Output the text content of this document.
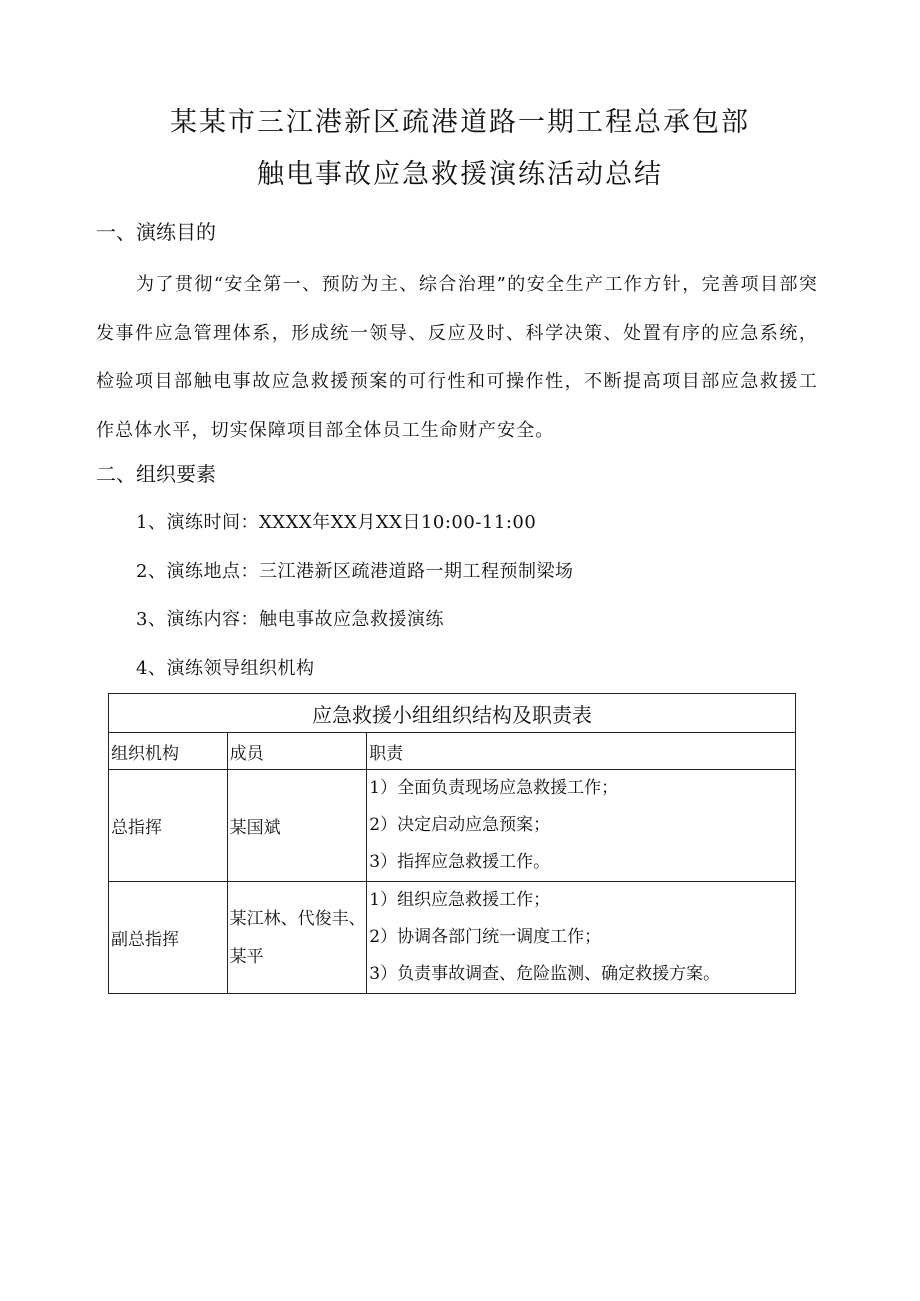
某某市三江港新区疏港道路一期工程总承包部
触电事故应急救援演练活动总结
一、演练目的

为了贯彻“安全第一、预防为主、综合治理”的安全生产工作方针，完善项目部突发事件应急管理体系，形成统一领导、反应及时、科学决策、处置有序的应急系统，检验项目部触电事故应急救援预案的可行性和可操作性，不断提高项目部应急救援工作总体水平，切实保障项目部全体员工生命财产安全。

二、组织要素
1、演练时间：XXXX年XX月XX日10:00-11:00
2、演练地点：三江港新区疏港道路一期工程预制梁场
3、演练内容：触电事故应急救援演练
4、演练领导组织机构
应急救援小组组织结构及职责表		
组织机构	成员	职责
总指挥	某国斌	1）全面负责现场应急救援工作；
2）决定启动应急预案；
3）指挥应急救援工作。

副总指挥	某江林、代俊丰、某平	1）组织应急救援工作；
2）协调各部门统一调度工作；
3）负责事故调查、危险监测、确定救援方案。
